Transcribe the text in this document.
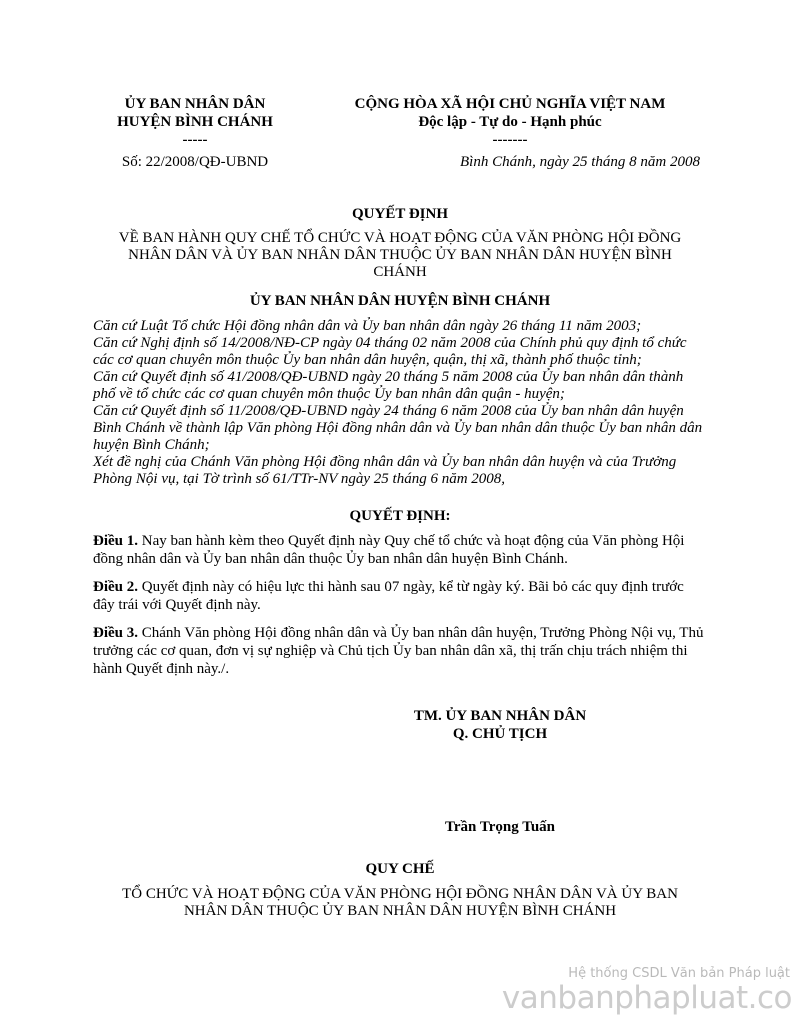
ỦY BAN NHÂN DÂN
HUYỆN BÌNH CHÁNH
-----
CỘNG HÒA XÃ HỘI CHỦ NGHĨA VIỆT NAM
Độc lập - Tự do - Hạnh phúc
-------
Số: 22/2008/QĐ-UBND	Bình Chánh, ngày 25 tháng 8 năm 2008
QUYẾT ĐỊNH
VỀ BAN HÀNH QUY CHẾ TỔ CHỨC VÀ HOẠT ĐỘNG CỦA VĂN PHÒNG HỘI ĐỒNG
NHÂN DÂN VÀ ỦY BAN NHÂN DÂN THUỘC ỦY BAN NHÂN DÂN HUYỆN BÌNH
CHÁNH
ỦY BAN NHÂN DÂN HUYỆN BÌNH CHÁNH

Căn cứ Luật Tổ chức Hội đồng nhân dân và Ủy ban nhân dân ngày 26 tháng 11 năm 2003;

Căn cứ Nghị định số 14/2008/NĐ-CP ngày 04 tháng 02 năm 2008 của Chính phủ quy định tổ chức các cơ quan chuyên môn thuộc Ủy ban nhân dân huyện, quận, thị xã, thành phố thuộc tỉnh;

Căn cứ Quyết định số 41/2008/QĐ-UBND ngày 20 tháng 5 năm 2008 của Ủy ban nhân dân thành phố về tổ chức các cơ quan chuyên môn thuộc Ủy ban nhân dân quận - huyện;

Căn cứ Quyết định số 11/2008/QĐ-UBND ngày 24 tháng 6 năm 2008 của Ủy ban nhân dân huyện Bình Chánh về thành lập Văn phòng Hội đồng nhân dân và Ủy ban nhân dân thuộc Ủy ban nhân dân huyện Bình Chánh;

Xét đề nghị của Chánh Văn phòng Hội đồng nhân dân và Ủy ban nhân dân huyện và của Trưởng Phòng Nội vụ, tại Tờ trình số 61/TTr-NV ngày 25 tháng 6 năm 2008,

QUYẾT ĐỊNH:

Điều 1. Nay ban hành kèm theo Quyết định này Quy chế tổ chức và hoạt động của Văn phòng Hội đồng nhân dân và Ủy ban nhân dân thuộc Ủy ban nhân dân huyện Bình Chánh.

Điều 2. Quyết định này có hiệu lực thi hành sau 07 ngày, kể từ ngày ký. Bãi bỏ các quy định trước đây trái với Quyết định này.

Điều 3. Chánh Văn phòng Hội đồng nhân dân và Ủy ban nhân dân huyện, Trưởng Phòng Nội vụ, Thủ trưởng các cơ quan, đơn vị sự nghiệp và Chủ tịch Ủy ban nhân dân xã, thị trấn chịu trách nhiệm thi hành Quyết định này./.

TM. ỦY BAN NHÂN DÂN
Q. CHỦ TỊCH
Trần Trọng Tuấn
QUY CHẾ
TỔ CHỨC VÀ HOẠT ĐỘNG CỦA VĂN PHÒNG HỘI ĐỒNG NHÂN DÂN VÀ ỦY BAN
NHÂN DÂN THUỘC ỦY BAN NHÂN DÂN HUYỆN BÌNH CHÁNH
Hệ thống CSDL Văn bản Pháp luật
vanbanphapluat.co
